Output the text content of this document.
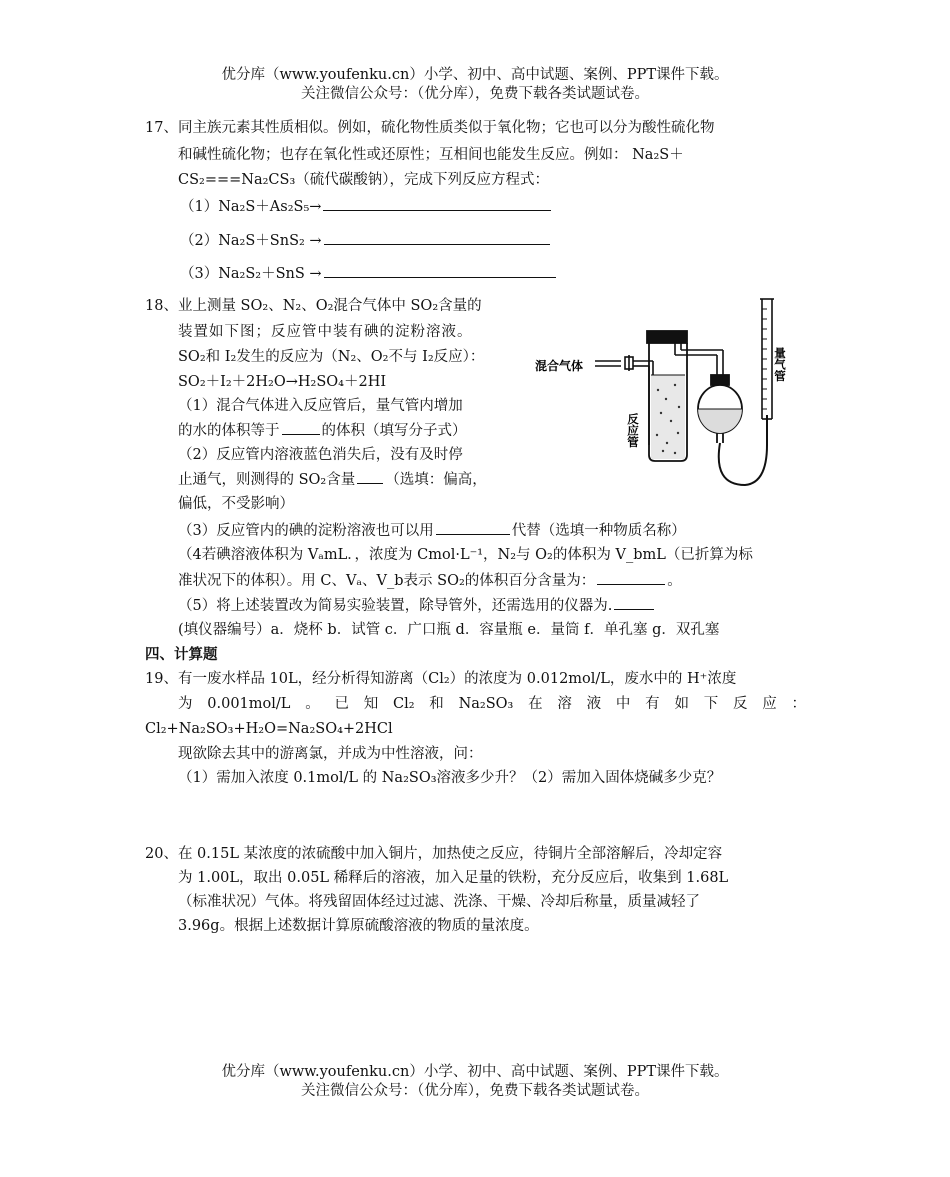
优分库（www.youfenku.cn）小学、初中、高中试题、案例、PPT课件下载。
关注微信公众号：（优分库），免费下载各类试题试卷。
17、同主族元素其性质相似。例如，硫化物性质类似于氧化物；它也可以分为酸性硫化物
和碱性硫化物；也存在氧化性或还原性；互相间也能发生反应。例如： Na₂S＋
CS₂===Na₂CS₃（硫代碳酸钠），完成下列反应方程式：
（1）Na₂S＋As₂S₅→
（2）Na₂S＋SnS₂ →
（3）Na₂S₂＋SnS →
18、业上测量 SO₂、N₂、O₂混合气体中 SO₂含量的
装置如下图；反应管中装有碘的淀粉溶液。
SO₂和 I₂发生的反应为（N₂、O₂不与 I₂反应）：
SO₂＋I₂＋2H₂O→H₂SO₄＋2HI
（1）混合气体进入反应管后，量气管内增加
的水的体积等于	的体积（填写分子式）
（2）反应管内溶液蓝色消失后，没有及时停
止通气，则测得的 SO₂含量 （选填：偏高，
偏低，不受影响）
（3）反应管内的碘的淀粉溶液也可以用	代替（选填一种物质名称）
（4若碘溶液体积为 VₐmL．，浓度为 Cmol·L⁻¹，N₂与 O₂的体积为 V_bmL（已折算为标
准状况下的体积）。用 C、Vₐ、V_b表示 SO₂的体积百分含量为：	。
（5）将上述装置改为简易实验装置，除导管外，还需选用的仪器为.
(填仪器编号）a．烧杯 b．试管 c．广口瓶 d．容量瓶 e．量筒 f．单孔塞 g．双孔塞
混合气体
反应管
量气管
四、计算题
19、有一废水样品 10L，经分析得知游离（Cl₂）的浓度为 0.012mol/L，废水中的 H⁺浓度
为 0.001mol/L 。 已 知 Cl₂ 和 Na₂SO₃ 在 溶 液 中 有 如 下 反 应 ：
Cl₂+Na₂SO₃+H₂O=Na₂SO₄+2HCl
现欲除去其中的游离氯，并成为中性溶液，问：
（1）需加入浓度 0.1mol/L 的 Na₂SO₃溶液多少升？（2）需加入固体烧碱多少克？
20、在 0.15L 某浓度的浓硫酸中加入铜片，加热使之反应，待铜片全部溶解后，冷却定容
为 1.00L，取出 0.05L 稀释后的溶液，加入足量的铁粉，充分反应后，收集到 1.68L
（标准状况）气体。将残留固体经过过滤、洗涤、干燥、冷却后称量，质量减轻了
3.96g。根据上述数据计算原硫酸溶液的物质的量浓度。
优分库（www.youfenku.cn）小学、初中、高中试题、案例、PPT课件下载。
关注微信公众号：（优分库），免费下载各类试题试卷。
